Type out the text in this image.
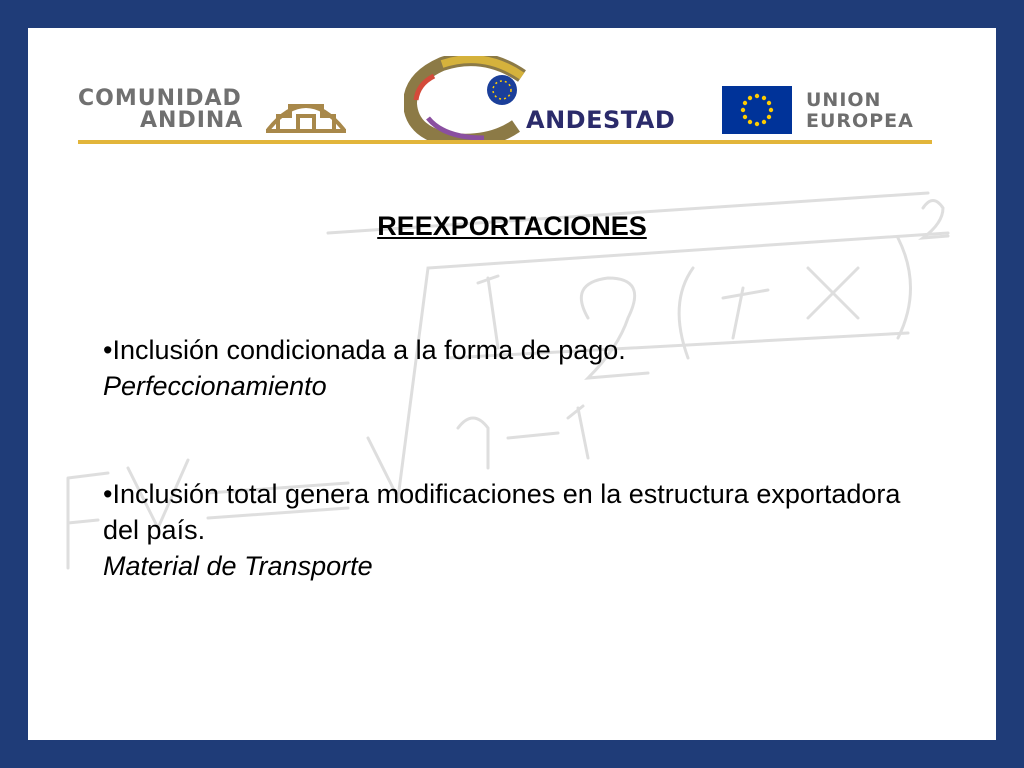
COMUNIDAD
ANDINA	ANDESTAD
UNION
EUROPEA
REEXPORTACIONES
•Inclusión condicionada a la forma de pago.
Perfeccionamiento
•Inclusión total genera modificaciones en la estructura exportadora del país.
Material de Transporte
